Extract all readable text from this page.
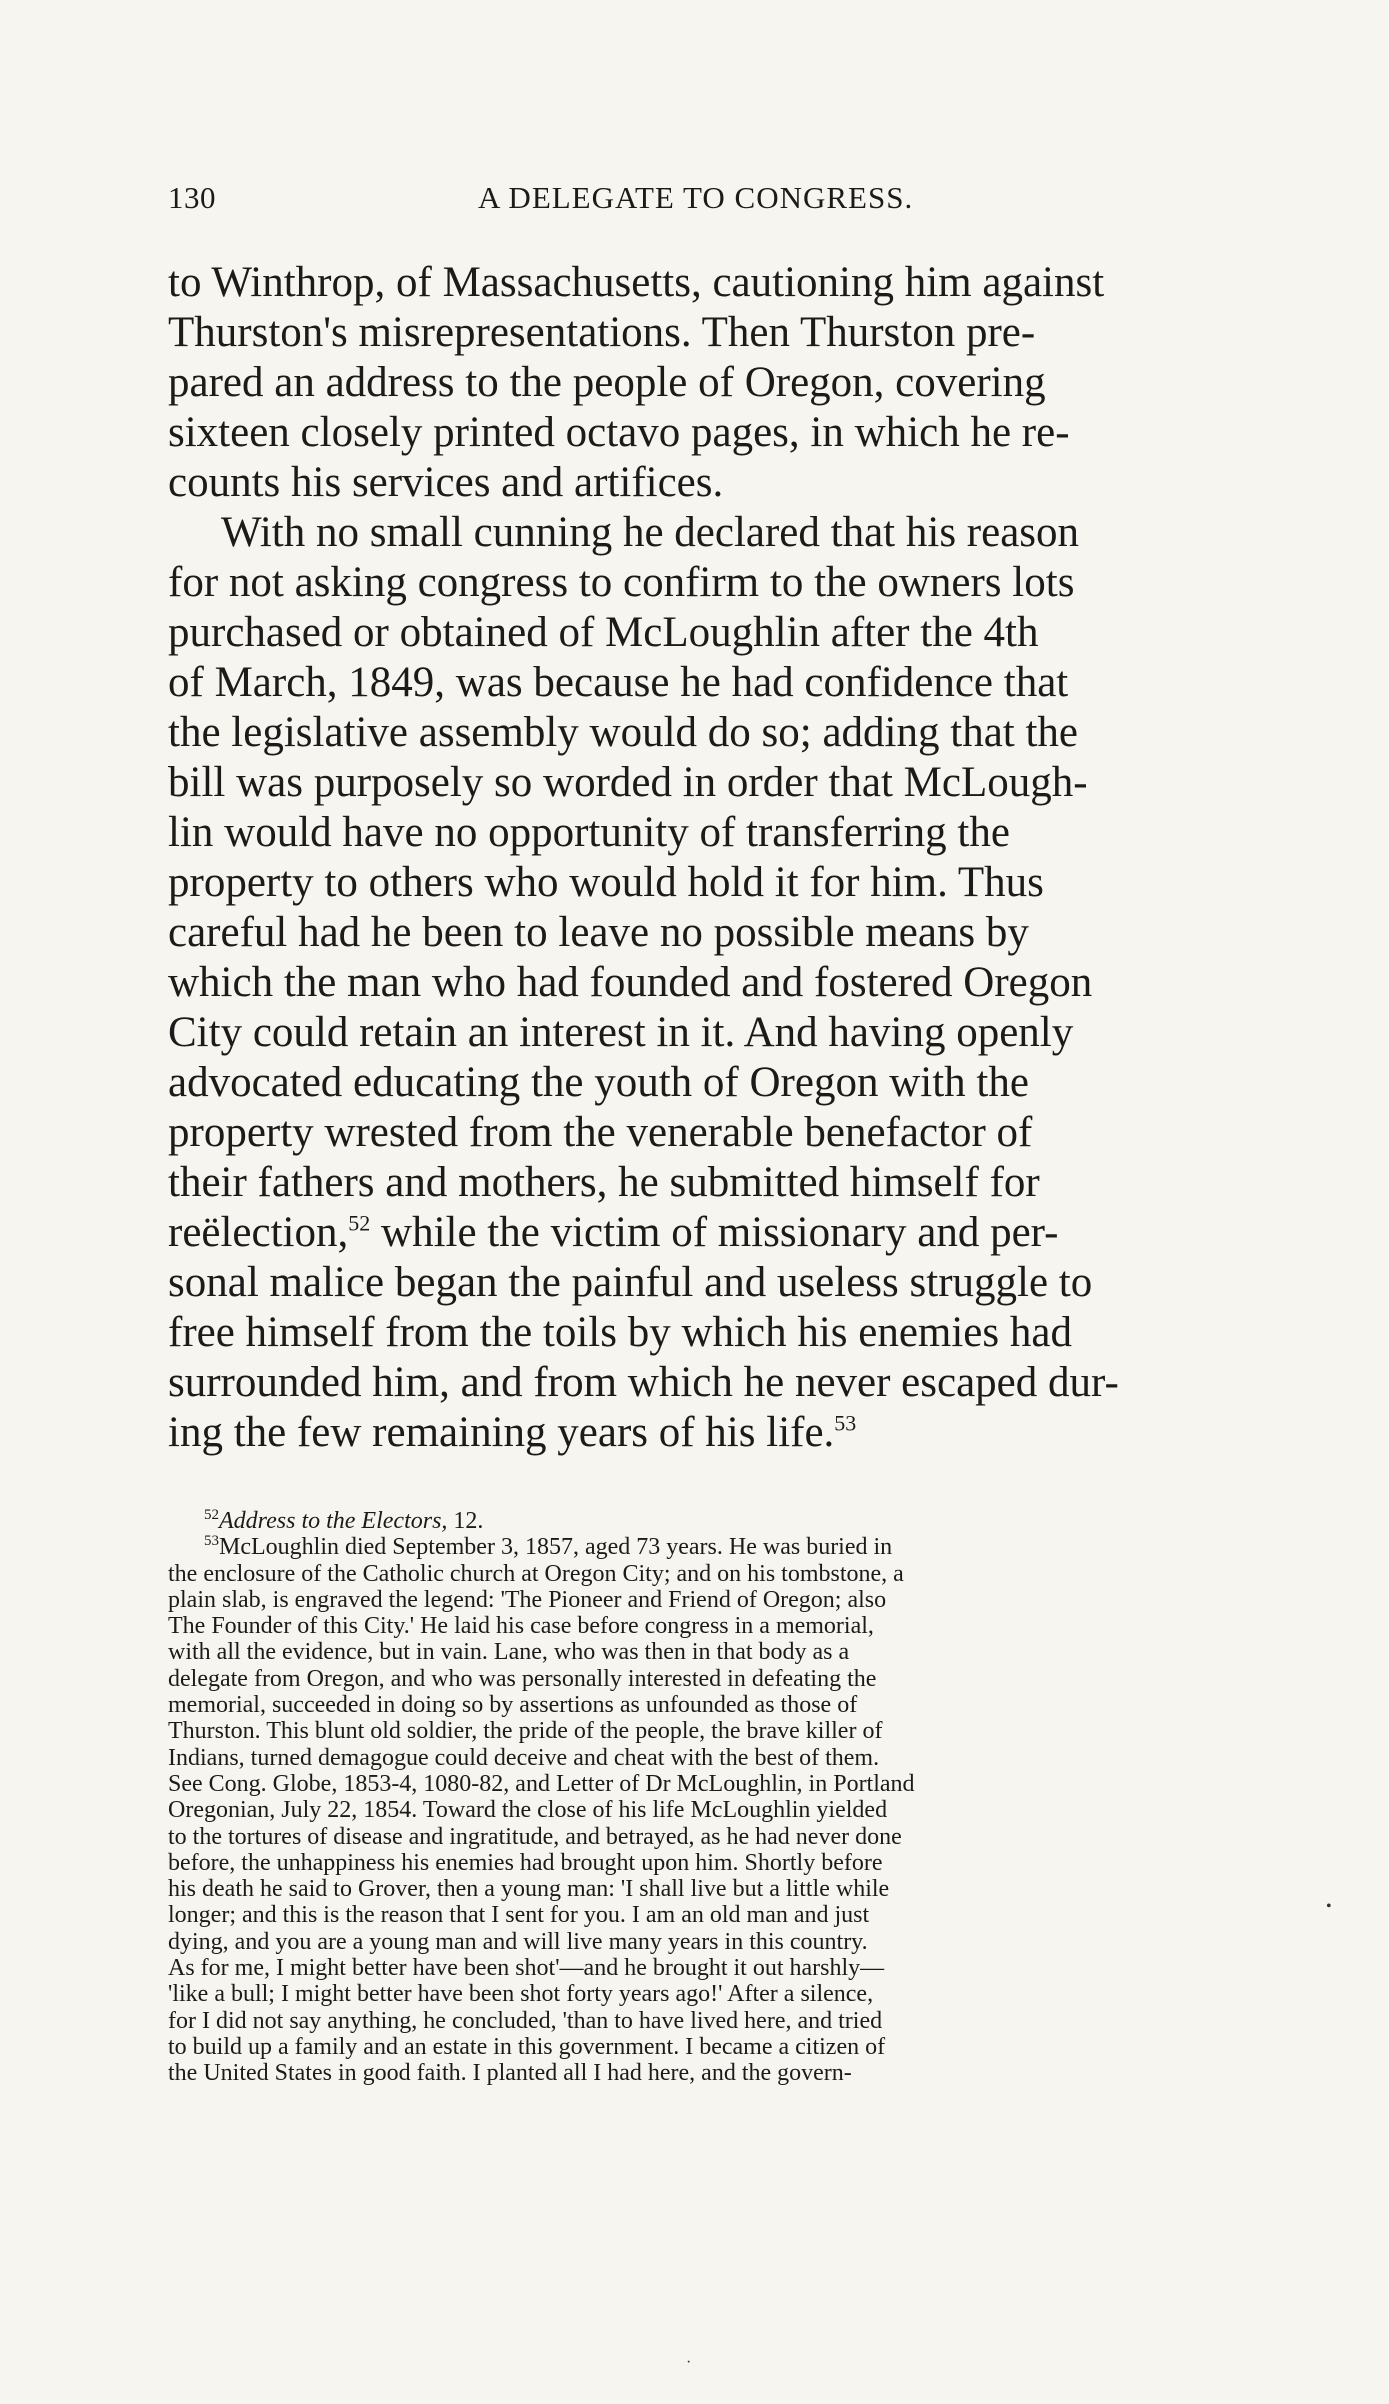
130	A DELEGATE TO CONGRESS.
to Winthrop, of Massachusetts, cautioning him against
Thurston's misrepresentations. Then Thurston pre-
pared an address to the people of Oregon, covering
sixteen closely printed octavo pages, in which he re-
counts his services and artifices.
With no small cunning he declared that his reason
for not asking congress to confirm to the owners lots
purchased or obtained of McLoughlin after the 4th
of March, 1849, was because he had confidence that
the legislative assembly would do so; adding that the
bill was purposely so worded in order that McLough-
lin would have no opportunity of transferring the
property to others who would hold it for him. Thus
careful had he been to leave no possible means by
which the man who had founded and fostered Oregon
City could retain an interest in it. And having openly
advocated educating the youth of Oregon with the
property wrested from the venerable benefactor of
their fathers and mothers, he submitted himself for
reëlection,$^{52}$ while the victim of missionary and per-
sonal malice began the painful and useless struggle to
free himself from the toils by which his enemies had
surrounded him, and from which he never escaped dur-
ing the few remaining years of his life.$^{53}$
$^{52}$Address to the Electors, 12.
$^{53}$McLoughlin died September 3, 1857, aged 73 years. He was buried in
the enclosure of the Catholic church at Oregon City; and on his tombstone, a
plain slab, is engraved the legend: 'The Pioneer and Friend of Oregon; also
The Founder of this City.' He laid his case before congress in a memorial,
with all the evidence, but in vain. Lane, who was then in that body as a
delegate from Oregon, and who was personally interested in defeating the
memorial, succeeded in doing so by assertions as unfounded as those of
Thurston. This blunt old soldier, the pride of the people, the brave killer of
Indians, turned demagogue could deceive and cheat with the best of them.
See Cong. Globe, 1853-4, 1080-82, and Letter of Dr McLoughlin, in Portland
Oregonian, July 22, 1854. Toward the close of his life McLoughlin yielded
to the tortures of disease and ingratitude, and betrayed, as he had never done
before, the unhappiness his enemies had brought upon him. Shortly before
his death he said to Grover, then a young man: 'I shall live but a little while
longer; and this is the reason that I sent for you. I am an old man and just
dying, and you are a young man and will live many years in this country.
As for me, I might better have been shot'—and he brought it out harshly—
'like a bull; I might better have been shot forty years ago!' After a silence,
for I did not say anything, he concluded, 'than to have lived here, and tried
to build up a family and an estate in this government. I became a citizen of
the United States in good faith. I planted all I had here, and the govern-
•
·
